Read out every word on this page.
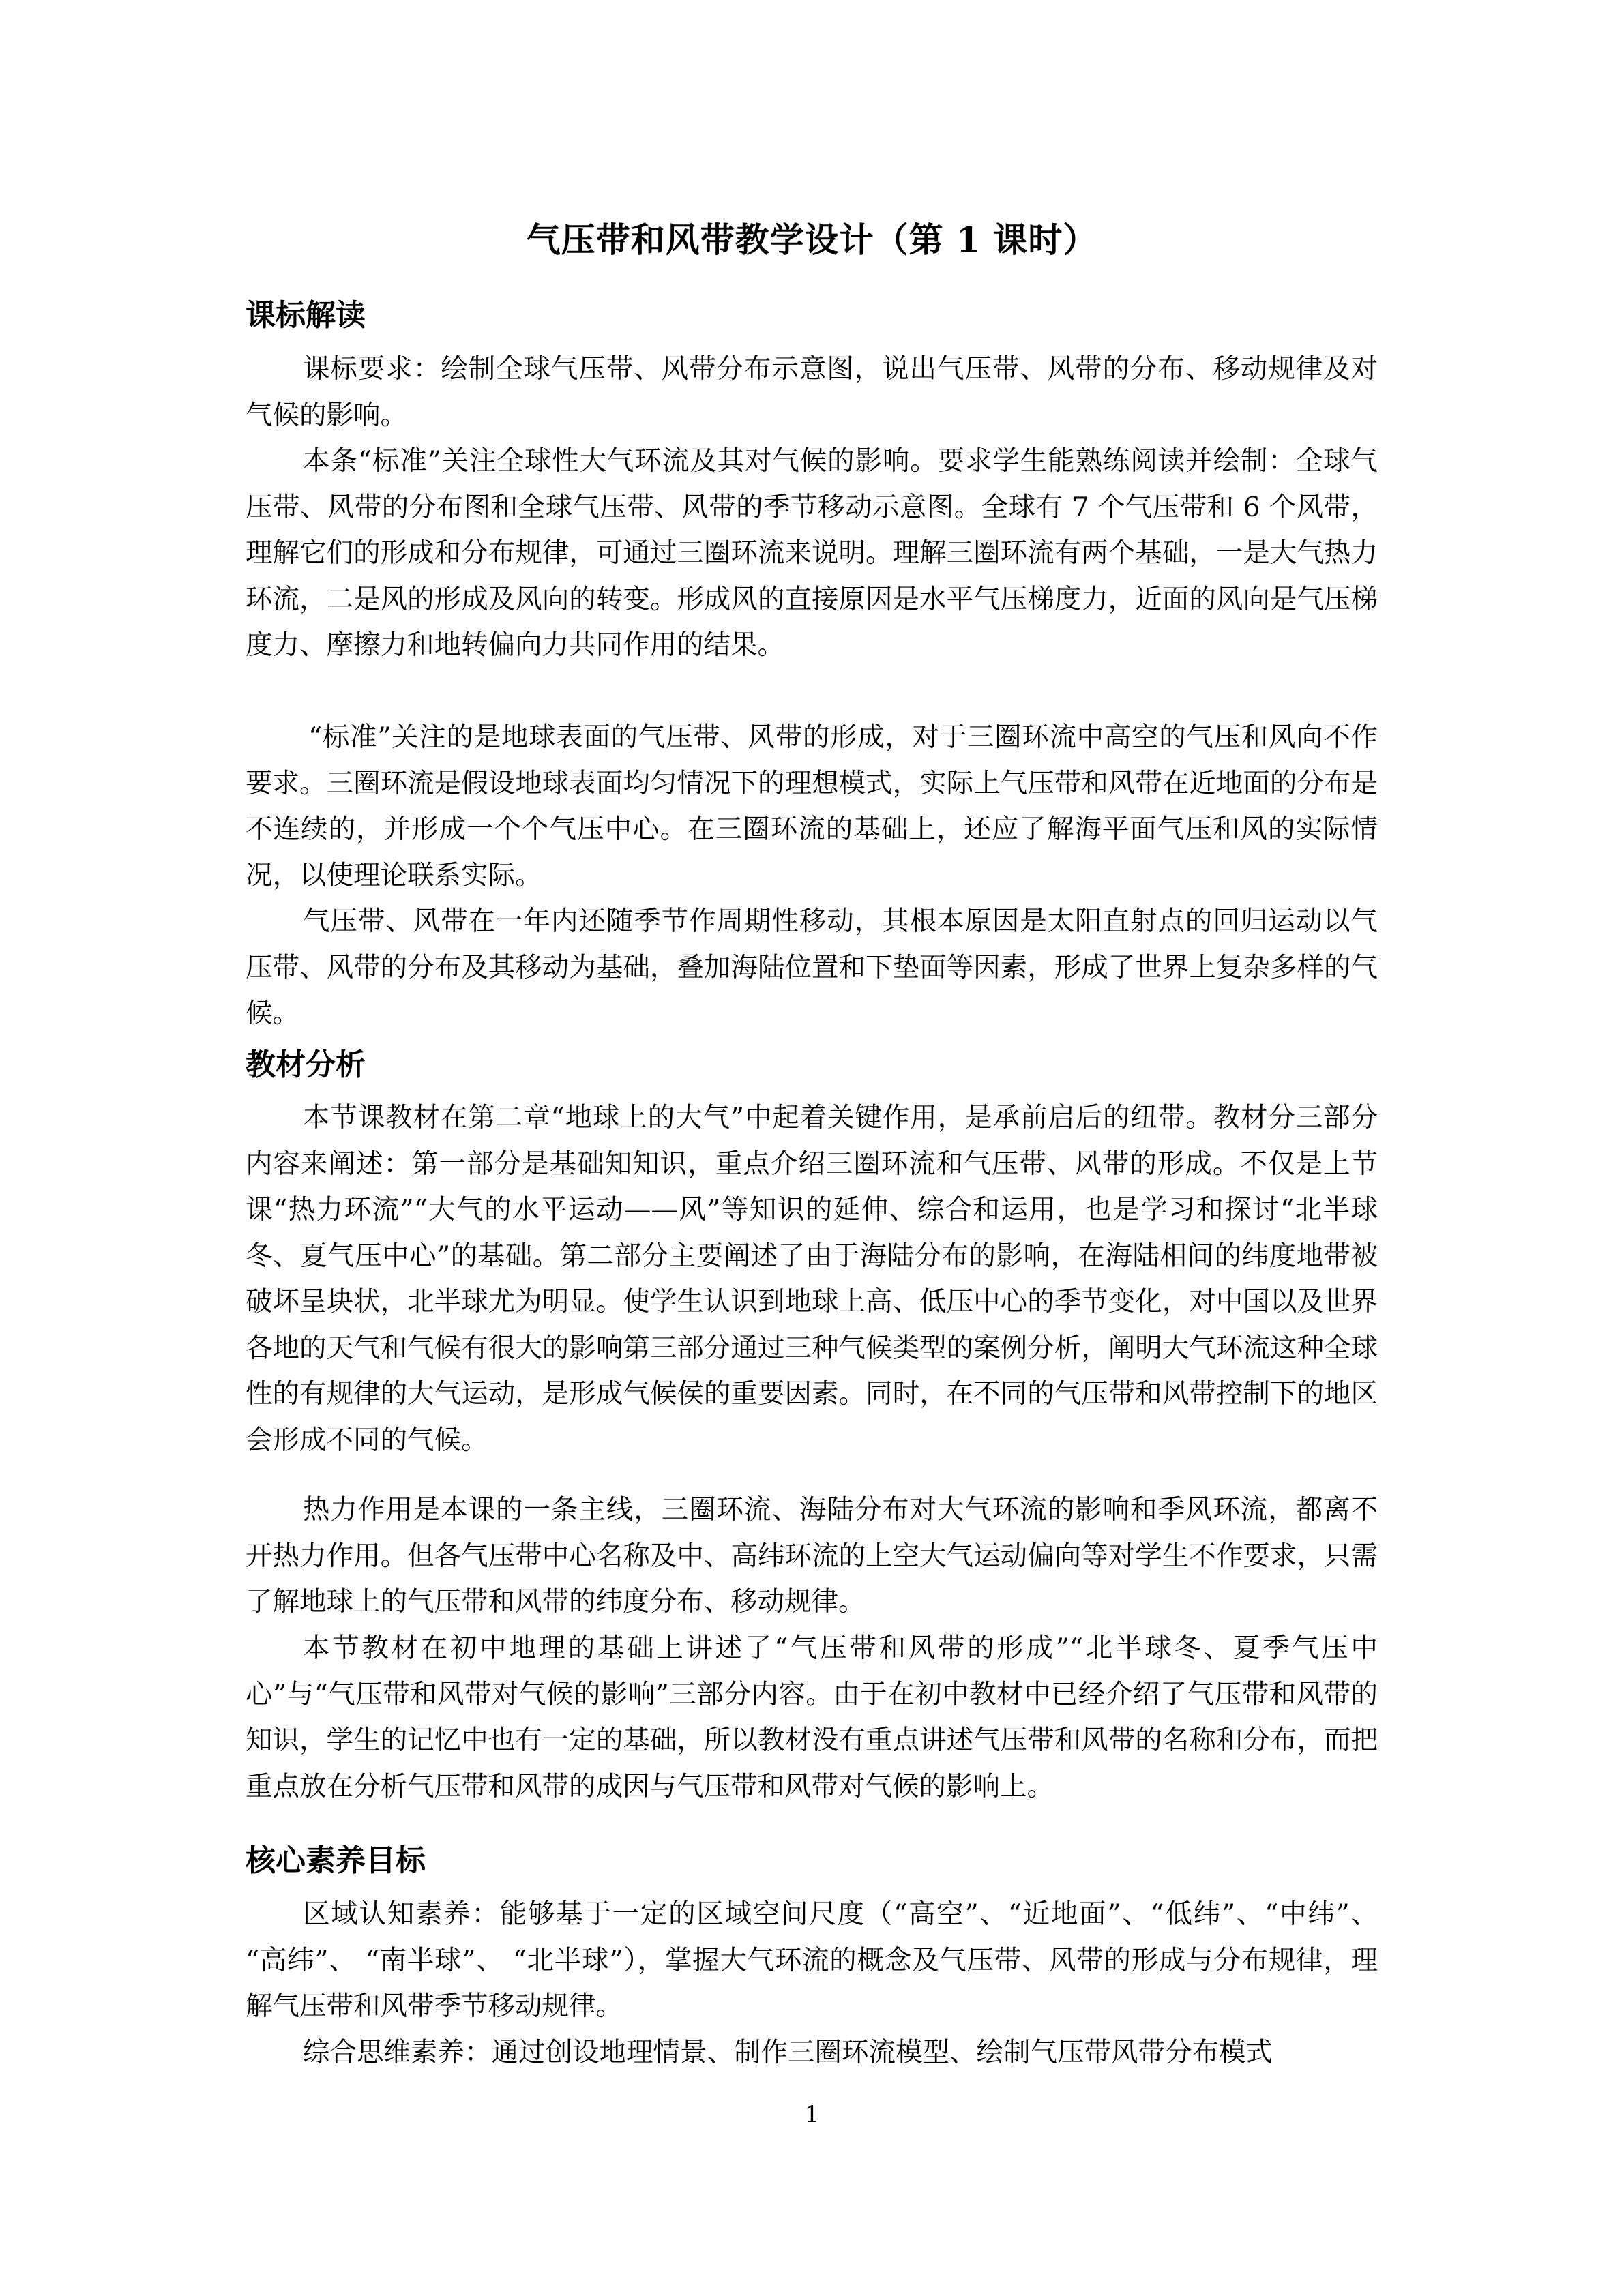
气压带和风带教学设计（第 1 课时）
课标解读

课标要求：绘制全球气压带、风带分布示意图，说出气压带、风带的分布、移动规律及对气候的影响。

本条“标准”关注全球性大气环流及其对气候的影响。要求学生能熟练阅读并绘制：全球气压带、风带的分布图和全球气压带、风带的季节移动示意图。全球有 7 个气压带和 6 个风带，理解它们的形成和分布规律，可通过三圈环流来说明。理解三圈环流有两个基础，一是大气热力环流，二是风的形成及风向的转变。形成风的直接原因是水平气压梯度力，近面的风向是气压梯度力、摩擦力和地转偏向力共同作用的结果。

“标准”关注的是地球表面的气压带、风带的形成，对于三圈环流中高空的气压和风向不作要求。三圈环流是假设地球表面均匀情况下的理想模式，实际上气压带和风带在近地面的分布是不连续的，并形成一个个气压中心。在三圈环流的基础上，还应了解海平面气压和风的实际情况，以使理论联系实际。

气压带、风带在一年内还随季节作周期性移动，其根本原因是太阳直射点的回归运动以气压带、风带的分布及其移动为基础，叠加海陆位置和下垫面等因素，形成了世界上复杂多样的气候。

教材分析

本节课教材在第二章“地球上的大气”中起着关键作用，是承前启后的纽带。教材分三部分内容来阐述：第一部分是基础知知识，重点介绍三圈环流和气压带、风带的形成。不仅是上节课“热力环流”“大气的水平运动——风”等知识的延伸、综合和运用，也是学习和探讨“北半球冬、夏气压中心”的基础。第二部分主要阐述了由于海陆分布的影响，在海陆相间的纬度地带被破坏呈块状，北半球尤为明显。使学生认识到地球上高、低压中心的季节变化，对中国以及世界各地的天气和气候有很大的影响第三部分通过三种气候类型的案例分析，阐明大气环流这种全球性的有规律的大气运动，是形成气候侯的重要因素。同时，在不同的气压带和风带控制下的地区会形成不同的气候。

热力作用是本课的一条主线，三圈环流、海陆分布对大气环流的影响和季风环流，都离不开热力作用。但各气压带中心名称及中、高纬环流的上空大气运动偏向等对学生不作要求，只需了解地球上的气压带和风带的纬度分布、移动规律。

本节教材在初中地理的基础上讲述了“气压带和风带的形成”“北半球冬、夏季气压中心”与“气压带和风带对气候的影响”三部分内容。由于在初中教材中已经介绍了气压带和风带的知识，学生的记忆中也有一定的基础，所以教材没有重点讲述气压带和风带的名称和分布，而把重点放在分析气压带和风带的成因与气压带和风带对气候的影响上。

核心素养目标

区域认知素养：能够基于一定的区域空间尺度（“高空”、“近地面”、“低纬”、“中纬”、 “高纬”、 “南半球”、 “北半球”），掌握大气环流的概念及气压带、风带的形成与分布规律，理解气压带和风带季节移动规律。

综合思维素养：通过创设地理情景、制作三圈环流模型、绘制气压带风带分布模式

1
